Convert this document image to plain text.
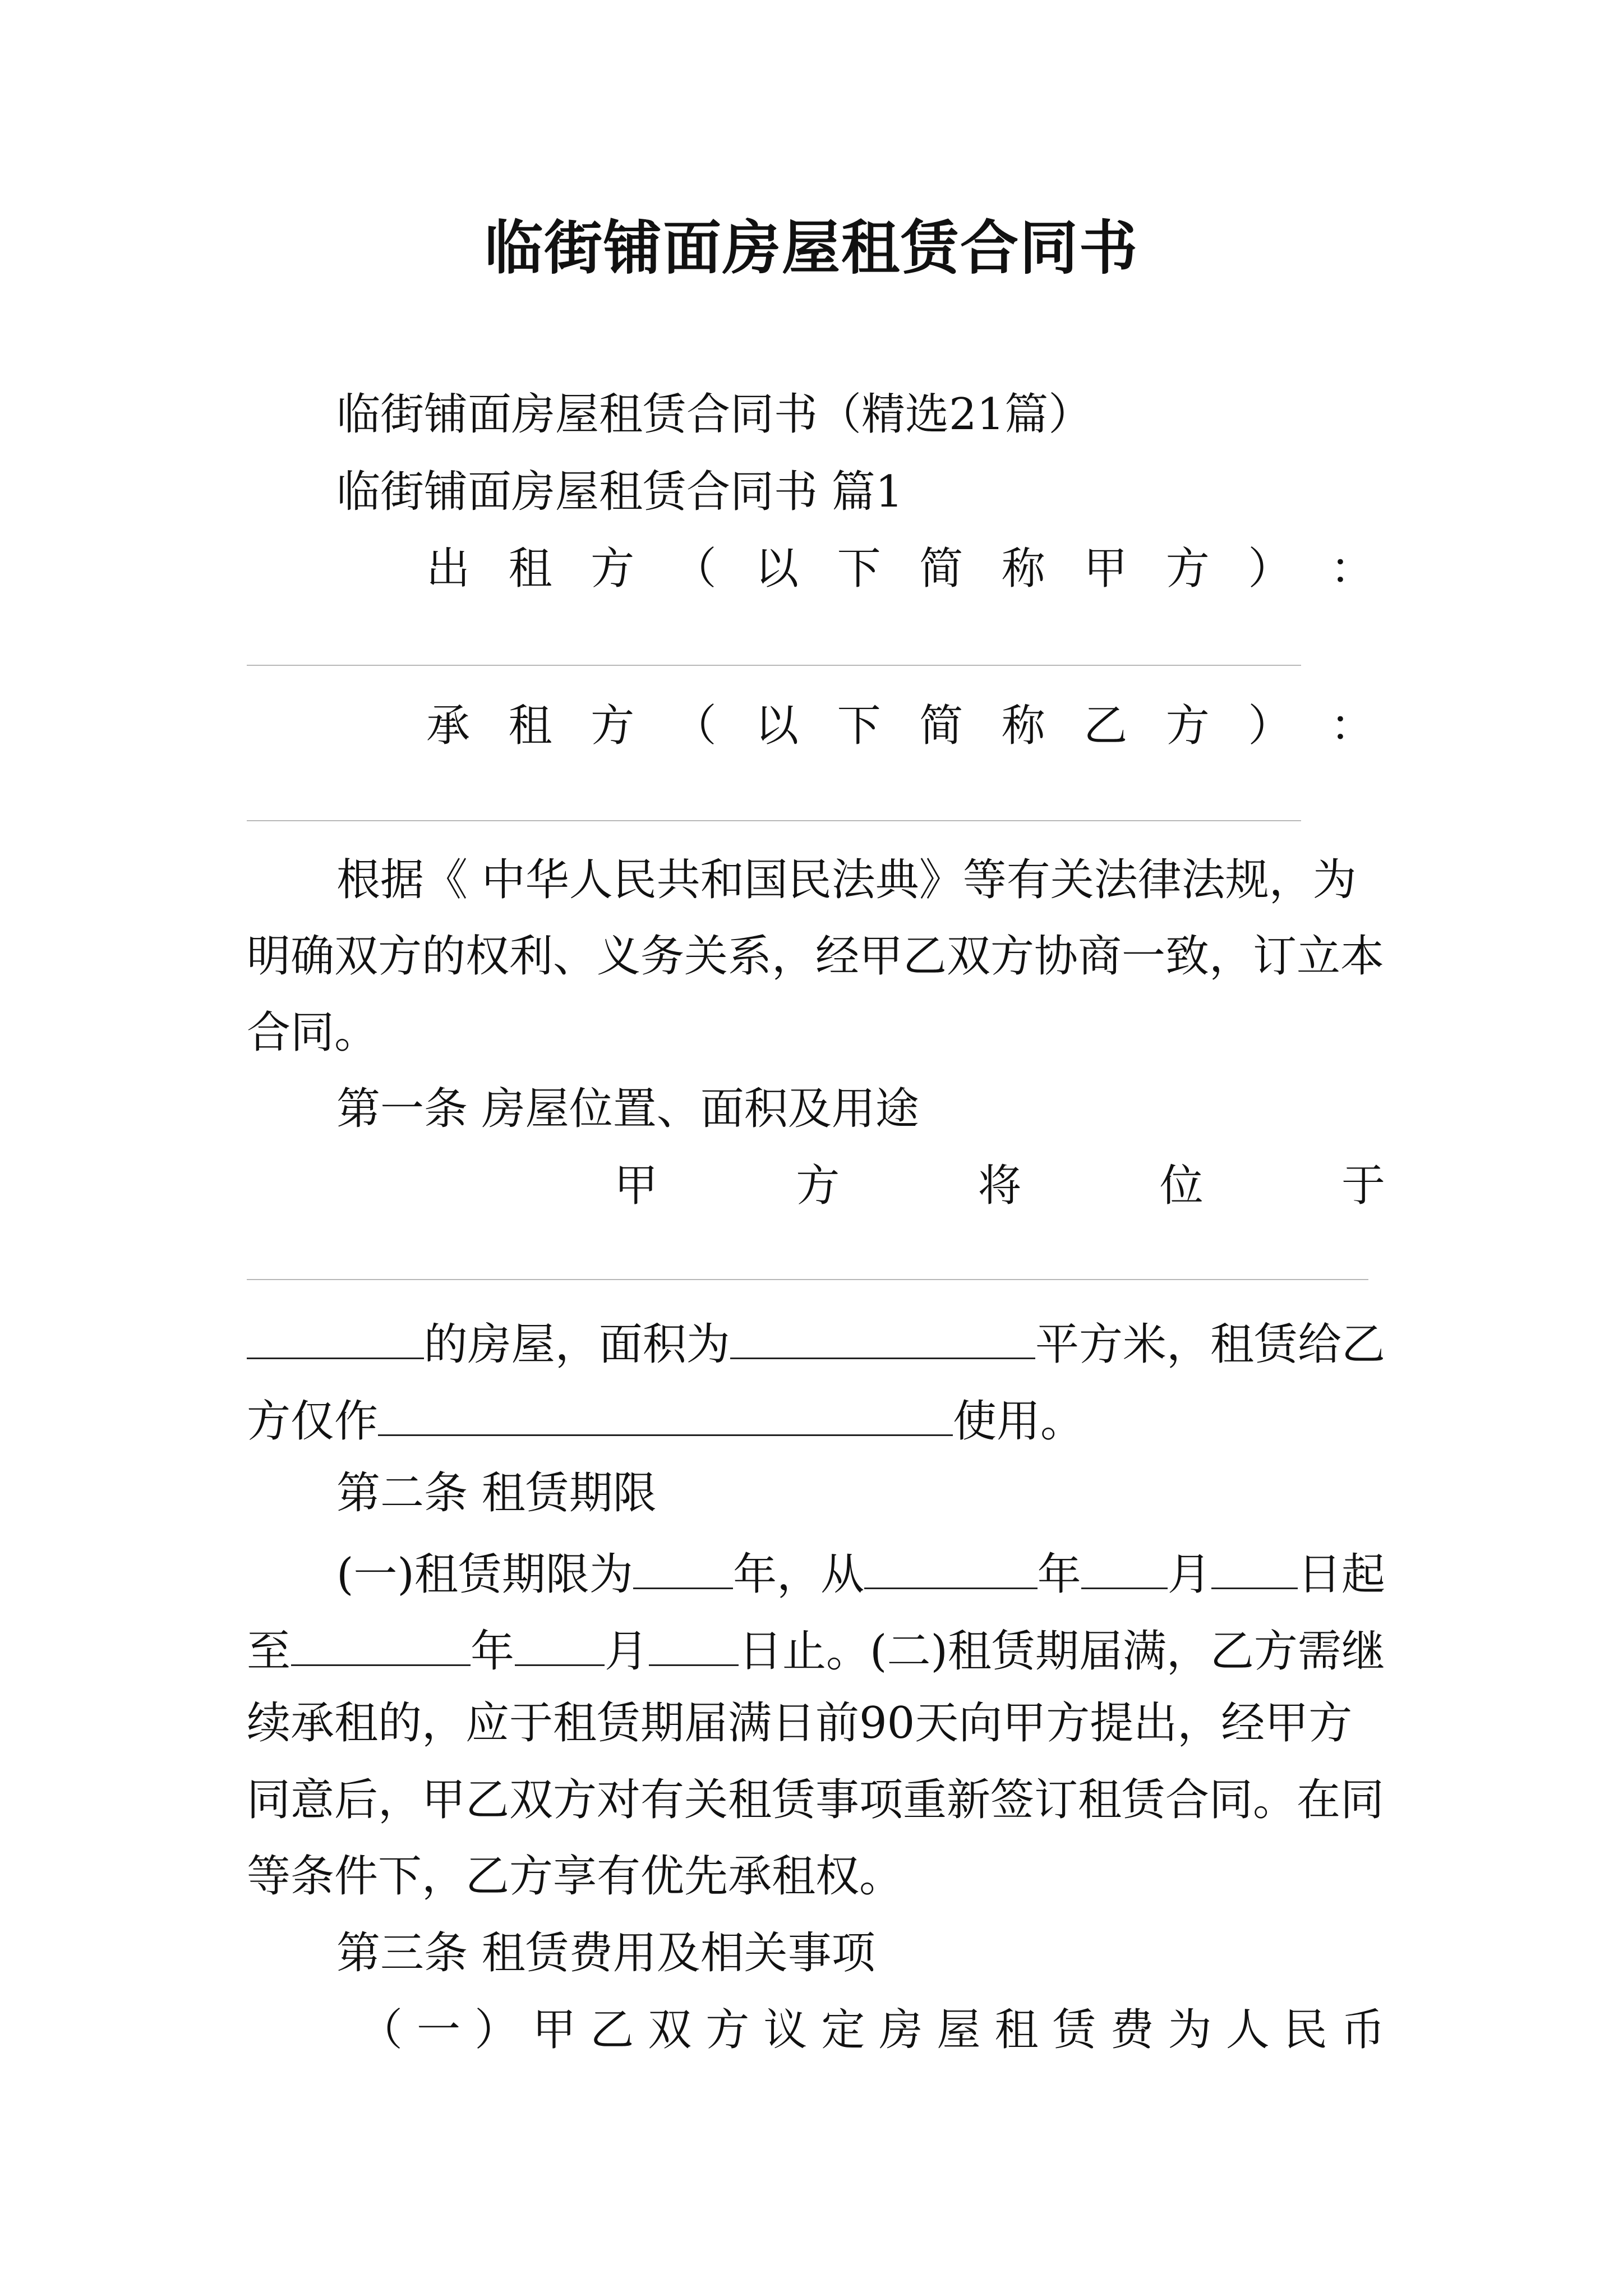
临街铺面房屋租赁合同书
临街铺面房屋租赁合同书（精选21篇）
临街铺面房屋租赁合同书 篇1
出 租 方 （ 以 下 简 称 甲 方 ） ：
承 租 方 （ 以 下 简 称 乙 方 ） ：
根据《 中华人民共和国民法典》等有关法律法规，为
明确双方的权利、义务关系，经甲乙双方协商一致，订立本
合同。
第一条 房屋位置、面积及用途
甲	方	将	位	于
的房屋，面积为	平方米，租赁给乙
方仅作	使用。
第二条 租赁期限
(一)租赁期限为 年，从	年 月 日起
至	年 月 日止。(二)租赁期届满，乙方需继
续承租的，应于租赁期届满日前90天向甲方提出，经甲方
同意后，甲乙双方对有关租赁事项重新签订租赁合同。在同
等条件下，乙方享有优先承租权。
第三条 租赁费用及相关事项
（ 一 ） 甲 乙 双 方 议 定 房 屋 租 赁 费 为 人 民 币
